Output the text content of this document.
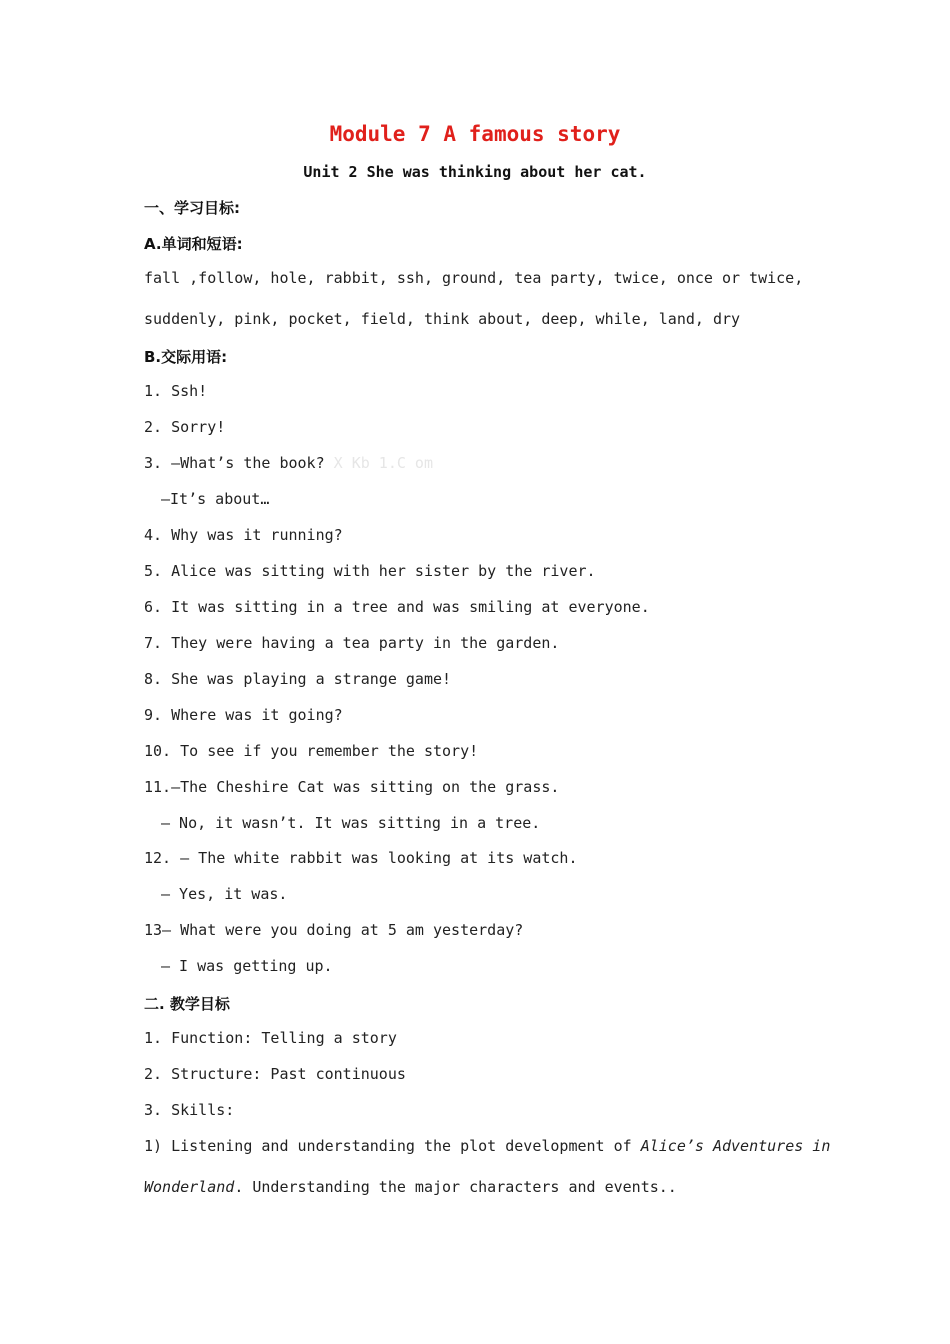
Module 7 A famous story
Unit 2 She was thinking about her cat.
一、学习目标:
A.单词和短语:
fall ,follow, hole, rabbit, ssh, ground, tea party, twice, once or twice,
suddenly, pink, pocket, field, think about, deep, while, land, dry
B.交际用语:
1. Ssh!
2. Sorry!
3. —What’s the book? X Kb 1.C om
—It’s about…
4. Why was it running?
5. Alice was sitting with her sister by the river.
6. It was sitting in a tree and was smiling at everyone.
7. They were having a tea party in the garden.
8. She was playing a strange game!
9. Where was it going?
10. To see if you remember the story!
11.—The Cheshire Cat was sitting on the grass.
— No, it wasn’t. It was sitting in a tree.
12. — The white rabbit was looking at its watch.
— Yes, it was.
13— What were you doing at 5 am yesterday?
— I was getting up.
二. 教学目标
1. Function: Telling a story
2. Structure: Past continuous
3. Skills:
1) Listening and understanding the plot development of Alice’s Adventures in
Wonderland. Understanding the major characters and events..
